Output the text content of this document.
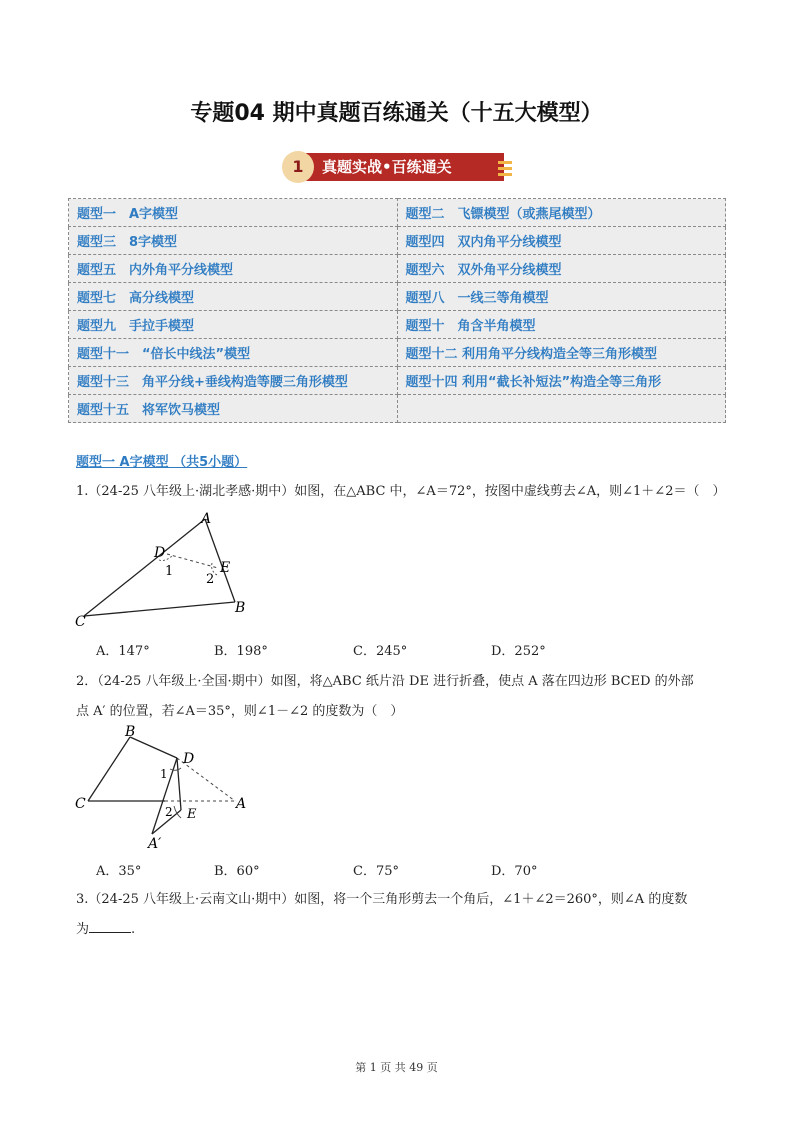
专题04 期中真题百练通关（十五大模型）
真题实战•百练通关
1
题型一　A字模型	题型二　飞镖模型（或燕尾模型）
题型三　8字模型	题型四　双内角平分线模型
题型五　内外角平分线模型	题型六　双外角平分线模型
题型七　高分线模型	题型八　一线三等角模型
题型九　手拉手模型	题型十　角含半角模型
题型十一　“倍长中线法”模型	题型十二 利用角平分线构造全等三角形模型
题型十三　角平分线+垂线构造等腰三角形模型	题型十四 利用“截长补短法”构造全等三角形
题型十五　将军饮马模型	
题型一 A字模型 （共5小题）
1.（24-25 八年级上·湖北孝感·期中）如图，在△ABC 中，∠A＝72°，按图中虚线剪去∠A，则∠1＋∠2＝（　）
A
D
E
B
C
1
2
A．147°	B．198°	C．245°	D．252°
2．（24-25 八年级上·全国·期中）如图，将△ABC 纸片沿 DE 进行折叠，使点 A 落在四边形 BCED 的外部
点 A′ 的位置，若∠A＝35°，则∠1－∠2 的度数为（　）
B
D
C	A
E
A′
1
2
A．35°	B．60°	C．75°	D．70°
3.（24-25 八年级上·云南文山·期中）如图，将一个三角形剪去一个角后，∠1＋∠2＝260°，则∠A 的度数
为	.
第 1 页 共 49 页
